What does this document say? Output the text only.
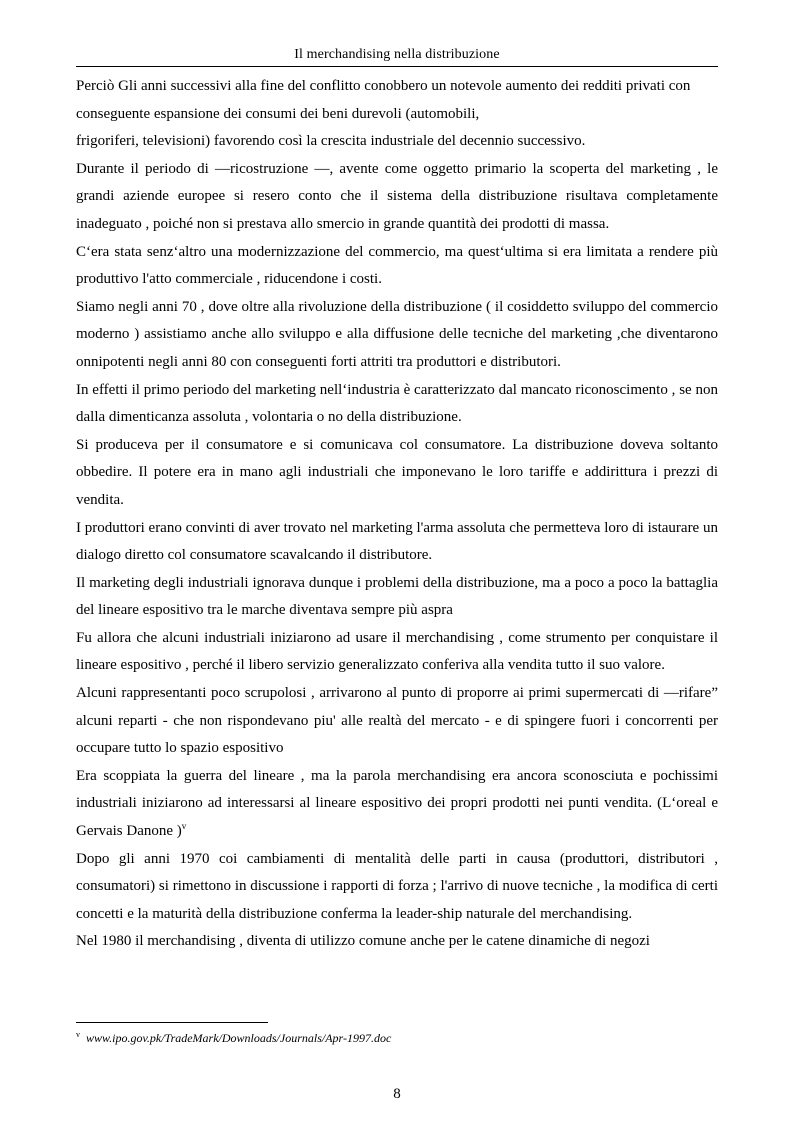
Il merchandising nella distribuzione

Perciò Gli anni successivi alla fine del conflitto conobbero un notevole aumento dei redditi privati con conseguente espansione dei consumi dei beni durevoli (automobili,

frigoriferi, televisioni) favorendo così la crescita industriale del decennio successivo.

Durante il periodo di ―ricostruzione ―, avente come oggetto primario la scoperta del marketing , le grandi aziende europee si resero conto che il sistema della distribuzione risultava completamente inadeguato , poiché non si prestava allo smercio in grande quantità dei prodotti di massa.

C‘era stata senz‘altro una modernizzazione del commercio, ma quest‘ultima si era limitata a rendere più produttivo l'atto commerciale , riducendone i costi.

Siamo negli anni 70 , dove oltre alla rivoluzione della distribuzione ( il cosiddetto sviluppo del commercio moderno ) assistiamo anche allo sviluppo e alla diffusione delle tecniche del marketing ,che diventarono onnipotenti negli anni 80 con conseguenti forti attriti tra produttori e distributori.

In effetti il primo periodo del marketing nell‘industria è caratterizzato dal mancato riconoscimento , se non dalla dimenticanza assoluta , volontaria o no della distribuzione.

Si produceva per il consumatore e si comunicava col consumatore. La distribuzione doveva soltanto obbedire. Il potere era in mano agli industriali che imponevano le loro tariffe e addirittura i prezzi di vendita.

I produttori erano convinti di aver trovato nel marketing l'arma assoluta che permetteva loro di istaurare un dialogo diretto col consumatore scavalcando il distributore.

Il marketing degli industriali ignorava dunque i problemi della distribuzione, ma a poco a poco la battaglia del lineare espositivo tra le marche diventava sempre più aspra

Fu allora che alcuni industriali iniziarono ad usare il merchandising , come strumento per conquistare il lineare espositivo , perché il libero servizio generalizzato conferiva alla vendita tutto il suo valore.

Alcuni rappresentanti poco scrupolosi , arrivarono al punto di proporre ai primi supermercati di ―rifare” alcuni reparti - che non rispondevano piu' alle realtà del mercato - e di spingere fuori i concorrenti per occupare tutto lo spazio espositivo

Era scoppiata la guerra del lineare , ma la parola merchandising era ancora sconosciuta e pochissimi industriali iniziarono ad interessarsi al lineare espositivo dei propri prodotti nei punti vendita. (L‘oreal e Gervais Danone )$^v$

Dopo gli anni 1970 coi cambiamenti di mentalità delle parti in causa (produttori, distributori , consumatori) si rimettono in discussione i rapporti di forza ; l'arrivo di nuove tecniche , la modifica di certi concetti e la maturità della distribuzione conferma la leader-ship naturale del merchandising.

Nel 1980 il merchandising , diventa di utilizzo comune anche per le catene dinamiche di negozi

$^v$ www.ipo.gov.pk/TradeMark/Downloads/Journals/Apr-1997.doc
8
